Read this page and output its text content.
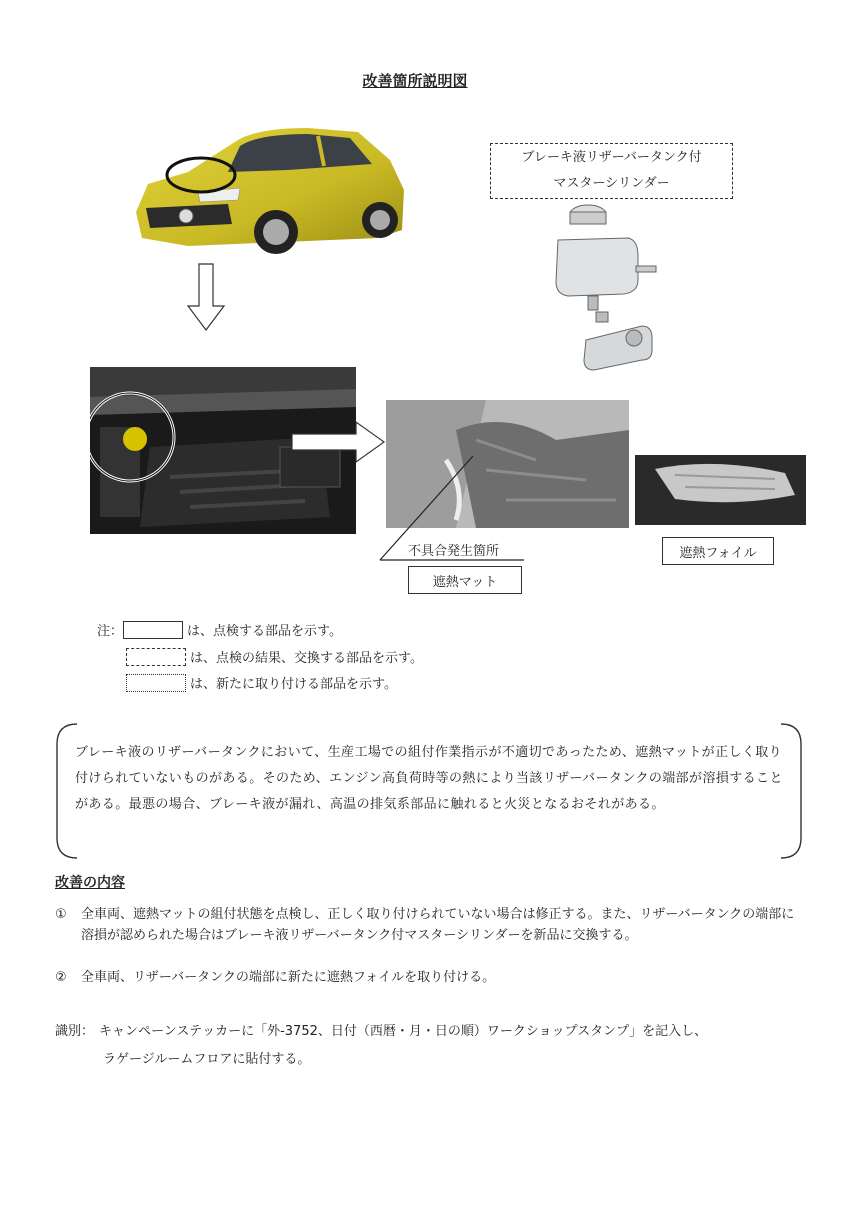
改善箇所説明図
ブレーキ液リザーバータンク付
マスターシリンダー
不具合発生箇所
遮熱マット
遮熱フォイル
注：	は、点検する部品を示す。
は、点検の結果、交換する部品を示す。
は、新たに取り付ける部品を示す。
ブレーキ液のリザーバータンクにおいて、生産工場での組付作業指示が不適切であったため、遮熱マットが正しく取り付けられていないものがある。そのため、エンジン高負荷時等の熱により当該リザーバータンクの端部が溶損することがある。最悪の場合、ブレーキ液が漏れ、高温の排気系部品に触れると火災となるおそれがある。
改善の内容
① 全車両、遮熱マットの組付状態を点検し、正しく取り付けられていない場合は修正する。また、リザーバータンクの端部に溶損が認められた場合はブレーキ液リザーバータンク付マスターシリンダーを新品に交換する。
② 全車両、リザーバータンクの端部に新たに遮熱フォイルを取り付ける。
識別： キャンペーンステッカーに「外-3752、日付（西暦・月・日の順）ワークショップスタンプ」を記入し、
ラゲージルームフロアに貼付する。
